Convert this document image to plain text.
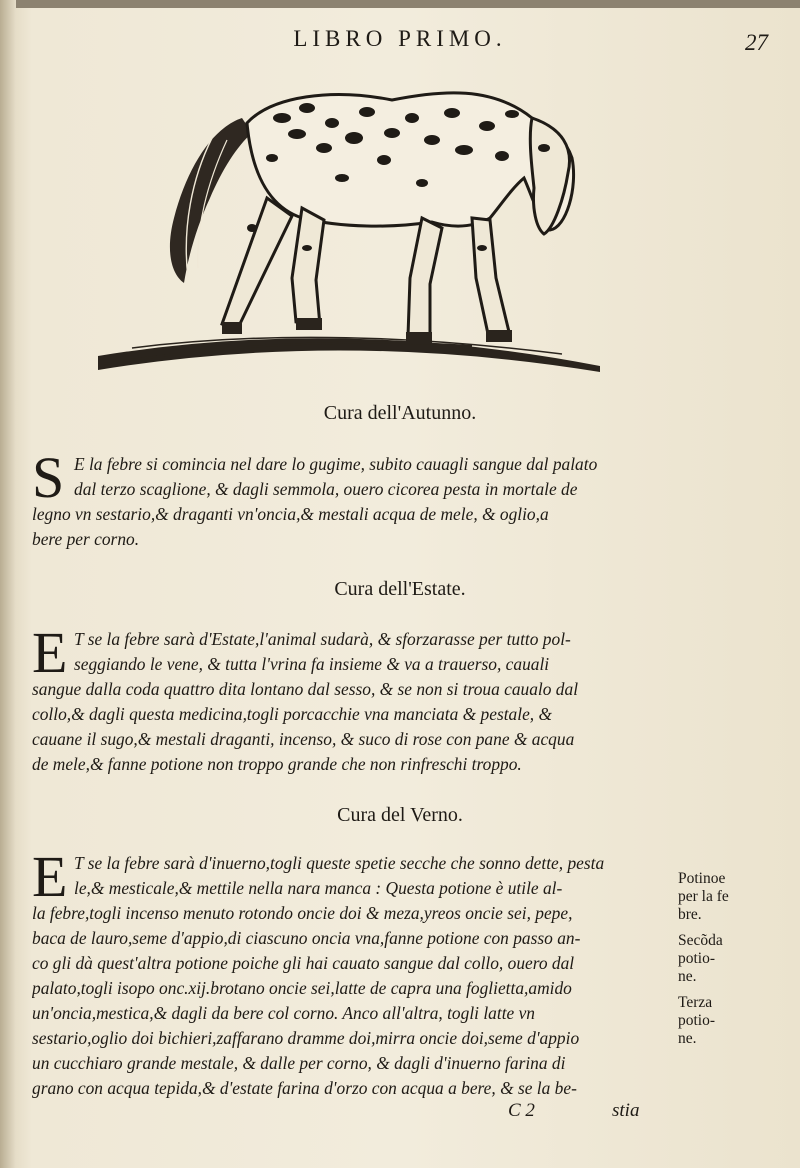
LIBRO PRIMO.	27
Cura dell'Autunno.
S E la febre si comincia nel dare lo gugime, subito cauagli sangue dal palato
dal terzo scaglione, & dagli semmola, ouero cicorea pesta in mortale de
legno vn sestario,& draganti vn'oncia,& mestali acqua de mele, & oglio,a
bere per corno.
Cura dell'Estate.
E T se la febre sarà d'Estate,l'animal sudarà, & sforzarasse per tutto pol-
seggiando le vene, & tutta l'vrina fa insieme & va a trauerso, cauali
sangue dalla coda quattro dita lontano dal sesso, & se non si troua caualo dal
collo,& dagli questa medicina,togli porcacchie vna manciata & pestale, &
cauane il sugo,& mestali draganti, incenso, & suco di rose con pane & acqua
de mele,& fanne potione non troppo grande che non rinfreschi troppo.
Cura del Verno.
E T se la febre sarà d'inuerno,togli queste spetie secche che sonno dette, pesta
le,& mesticale,& mettile nella nara manca : Questa potione è utile al-
la febre,togli incenso menuto rotondo oncie doi & meza,yreos oncie sei, pepe,
baca de lauro,seme d'appio,di ciascuno oncia vna,fanne potione con passo an-
co gli dà quest'altra potione poiche gli hai cauato sangue dal collo, ouero dal
palato,togli isopo onc.xij.brotano oncie sei,latte de capra una foglietta,amido
un'oncia,mestica,& dagli da bere col corno. Anco all'altra, togli latte vn
sestario,oglio doi bichieri,zaffarano dramme doi,mirra oncie doi,seme d'appio
un cucchiaro grande mestale, & dalle per corno, & dagli d'inuerno farina di
grano con acqua tepida,& d'estate farina d'orzo con acqua a bere, & se la be-
Potinoe
per la fe
bre.
Secõda
potio-
ne.
Terza
potio-
ne.
C 2	stia
